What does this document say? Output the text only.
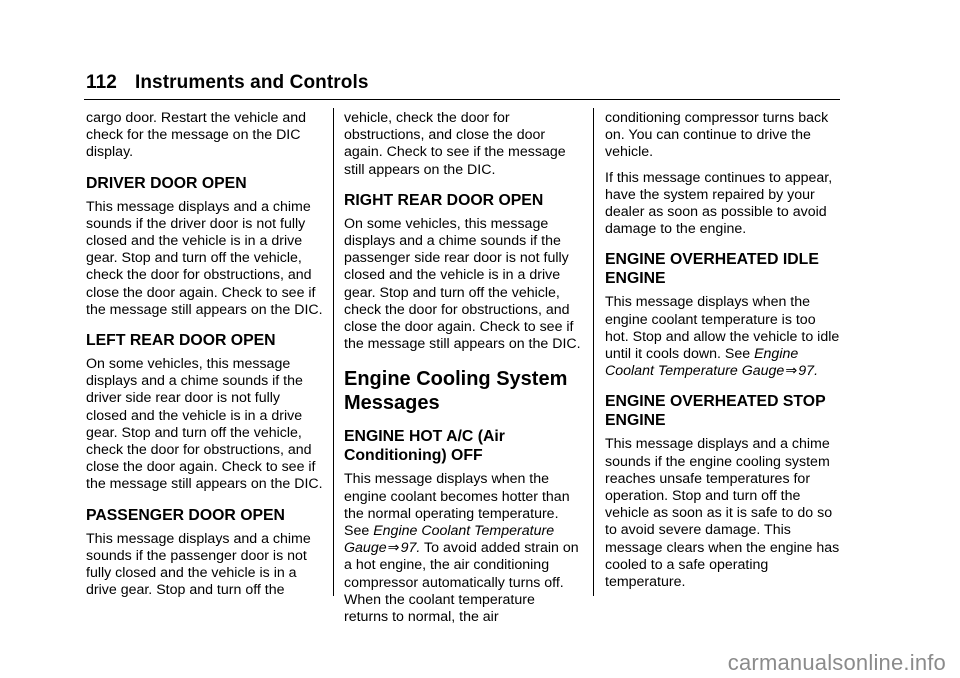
112 Instruments and Controls

cargo door. Restart the vehicle and check for the message on the DIC display.

DRIVER DOOR OPEN

This message displays and a chime sounds if the driver door is not fully closed and the vehicle is in a drive gear. Stop and turn off the vehicle, check the door for obstructions, and close the door again. Check to see if the message still appears on the DIC.

LEFT REAR DOOR OPEN

On some vehicles, this message displays and a chime sounds if the driver side rear door is not fully closed and the vehicle is in a drive gear. Stop and turn off the vehicle, check the door for obstructions, and close the door again. Check to see if the message still appears on the DIC.

PASSENGER DOOR OPEN

This message displays and a chime sounds if the passenger door is not fully closed and the vehicle is in a drive gear. Stop and turn off the

vehicle, check the door for obstructions, and close the door again. Check to see if the message still appears on the DIC.

RIGHT REAR DOOR OPEN

On some vehicles, this message displays and a chime sounds if the passenger side rear door is not fully closed and the vehicle is in a drive gear. Stop and turn off the vehicle, check the door for obstructions, and close the door again. Check to see if the message still appears on the DIC.

Engine Cooling System Messages
ENGINE HOT A/C (Air Conditioning) OFF

This message displays when the engine coolant becomes hotter than the normal operating temperature. See Engine Coolant Temperature Gauge⇒97. To avoid added strain on a hot engine, the air conditioning compressor automatically turns off. When the coolant temperature returns to normal, the air

conditioning compressor turns back on. You can continue to drive the vehicle.

If this message continues to appear, have the system repaired by your dealer as soon as possible to avoid damage to the engine.

ENGINE OVERHEATED IDLE ENGINE

This message displays when the engine coolant temperature is too hot. Stop and allow the vehicle to idle until it cools down. See Engine Coolant Temperature Gauge⇒97.

ENGINE OVERHEATED STOP ENGINE

This message displays and a chime sounds if the engine cooling system reaches unsafe temperatures for operation. Stop and turn off the vehicle as soon as it is safe to do so to avoid severe damage. This message clears when the engine has cooled to a safe operating temperature.

carmanualsonline.info
